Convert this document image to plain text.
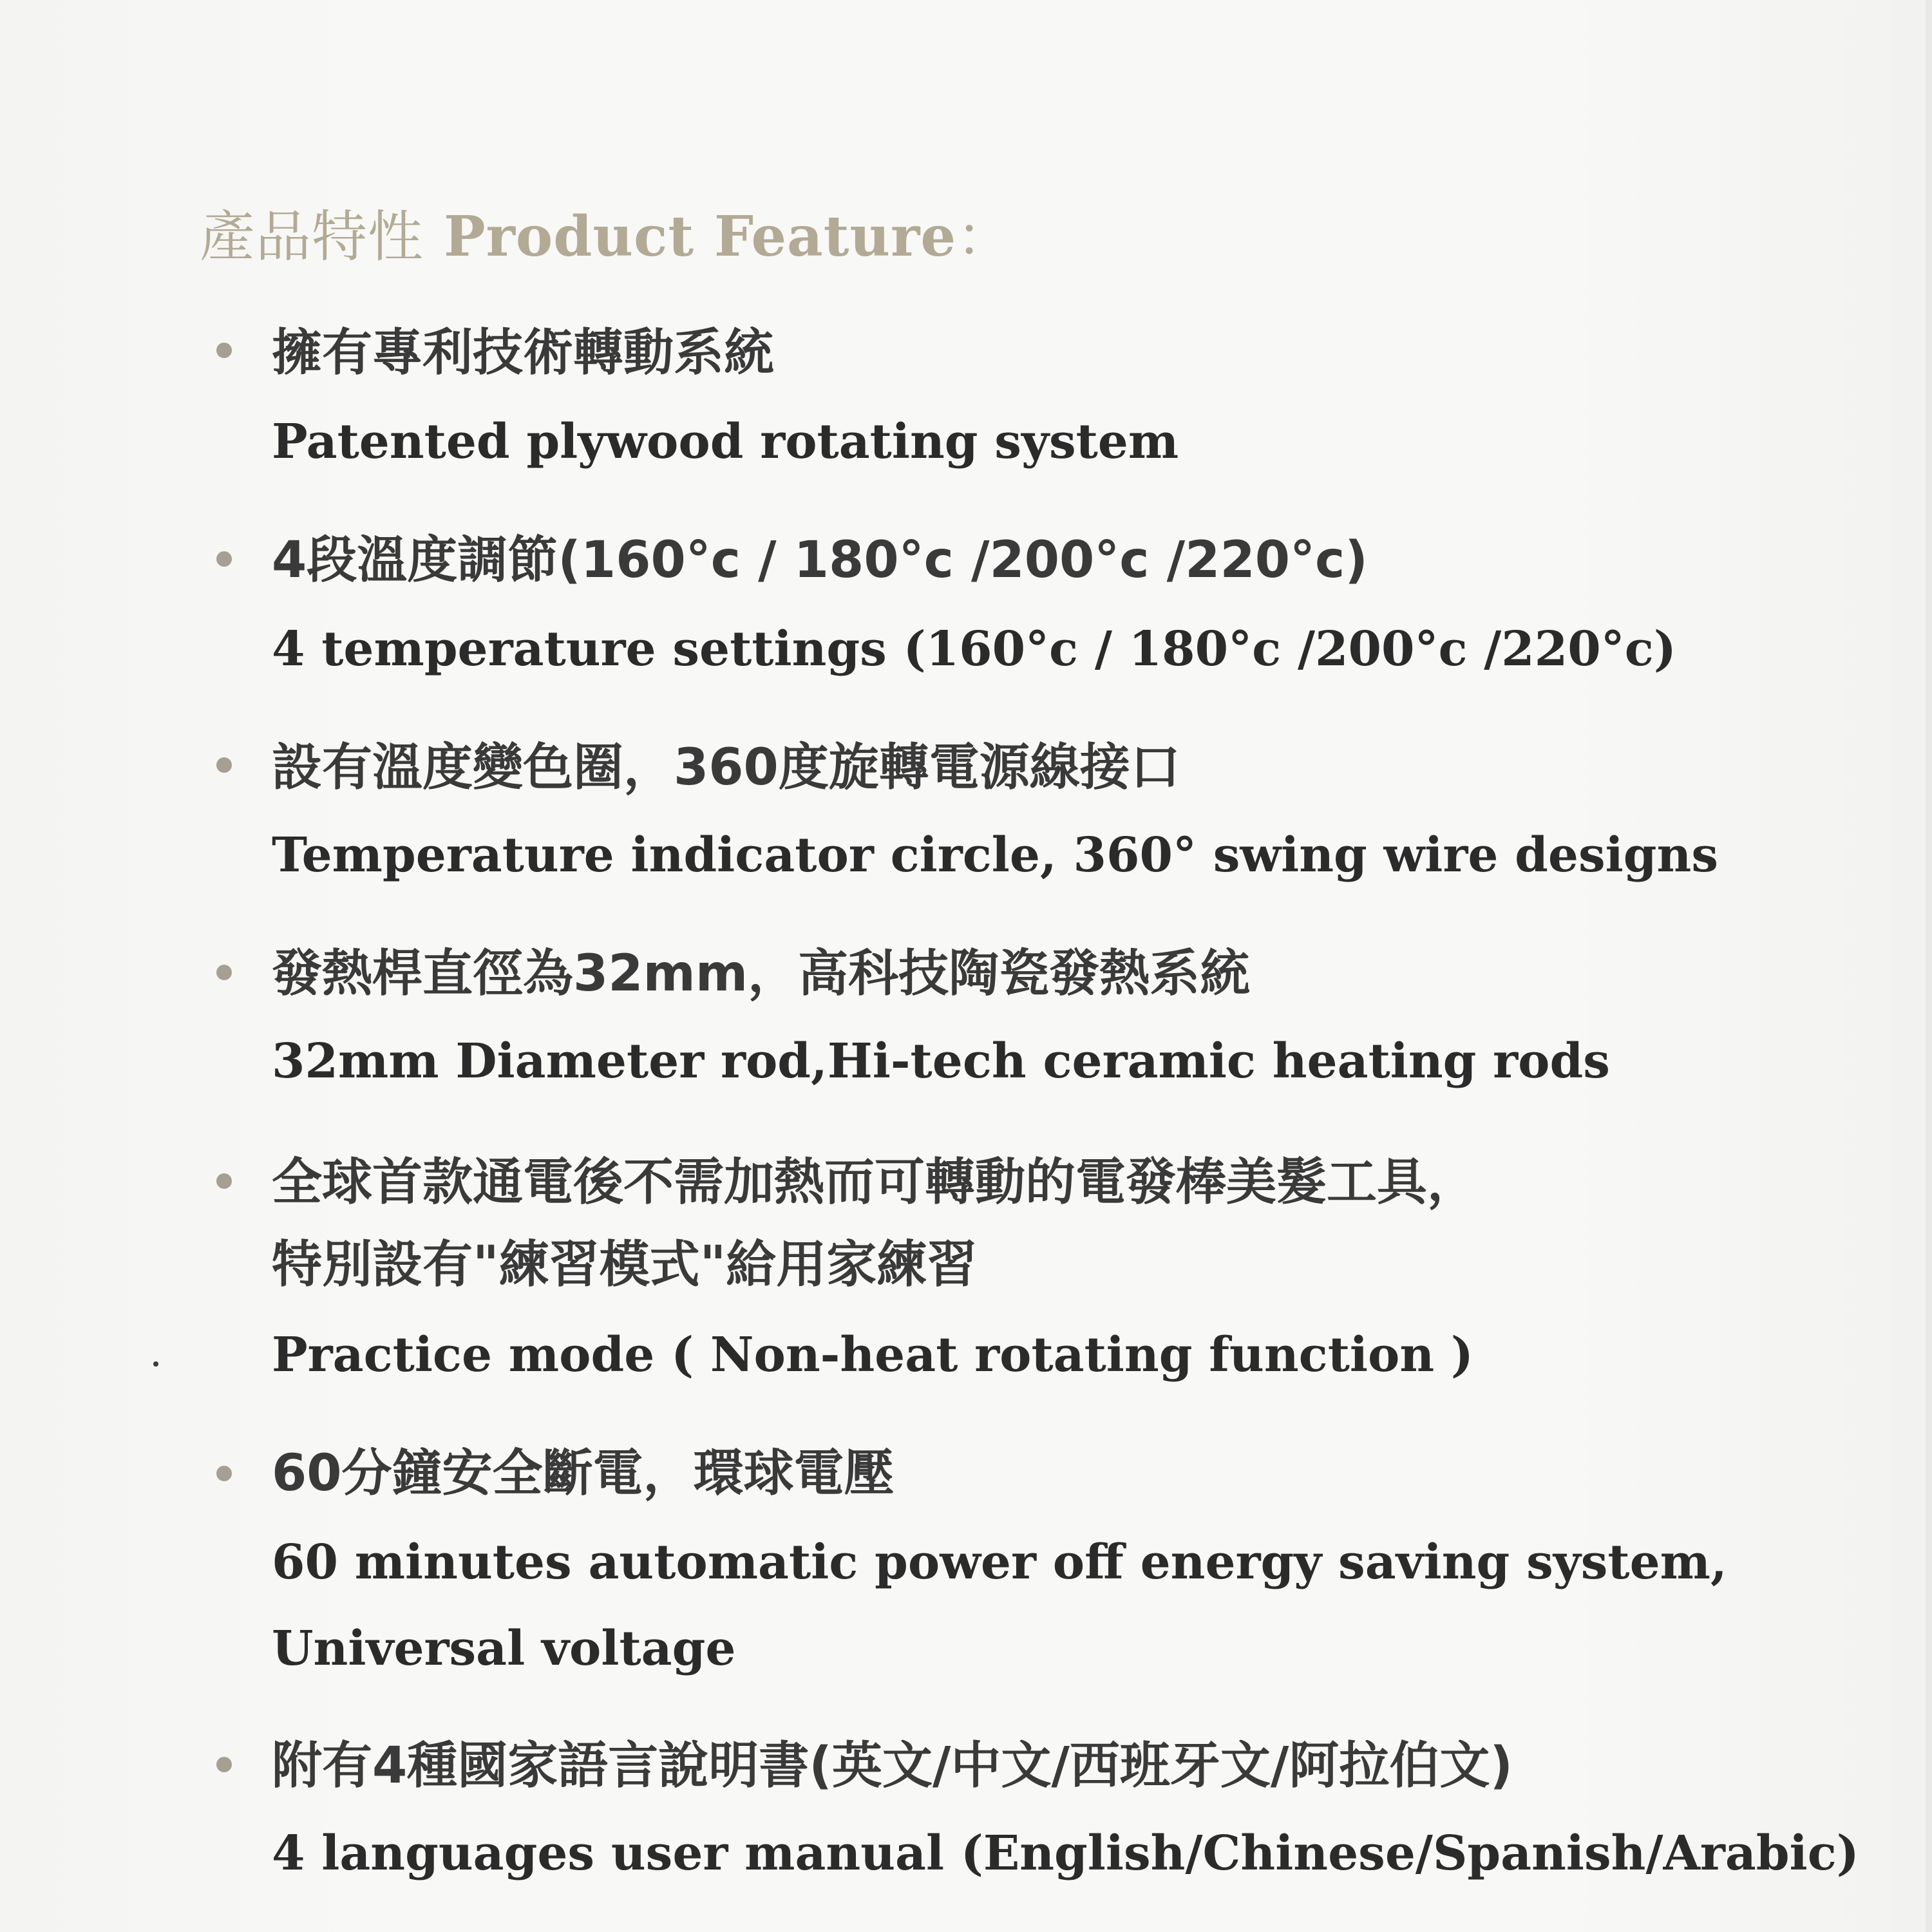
產品特性 Product Feature：
擁有專利技術轉動系統
Patented plywood rotating system
4段溫度調節(160°c / 180°c /200°c /220°c)
4 temperature settings (160°c / 180°c /200°c /220°c)
設有溫度變色圈，360度旋轉電源線接口
Temperature indicator circle, 360° swing wire designs
發熱桿直徑為32mm，高科技陶瓷發熱系統
32mm Diameter rod,Hi-tech ceramic heating rods
全球首款通電後不需加熱而可轉動的電發棒美髮工具，
特別設有"練習模式"給用家練習
Practice mode ( Non-heat rotating function )
60分鐘安全斷電，環球電壓
60 minutes automatic power off energy saving system,
Universal voltage
附有4種國家語言說明書(英文/中文/西班牙文/阿拉伯文)
4 languages user manual (English/Chinese/Spanish/Arabic)
